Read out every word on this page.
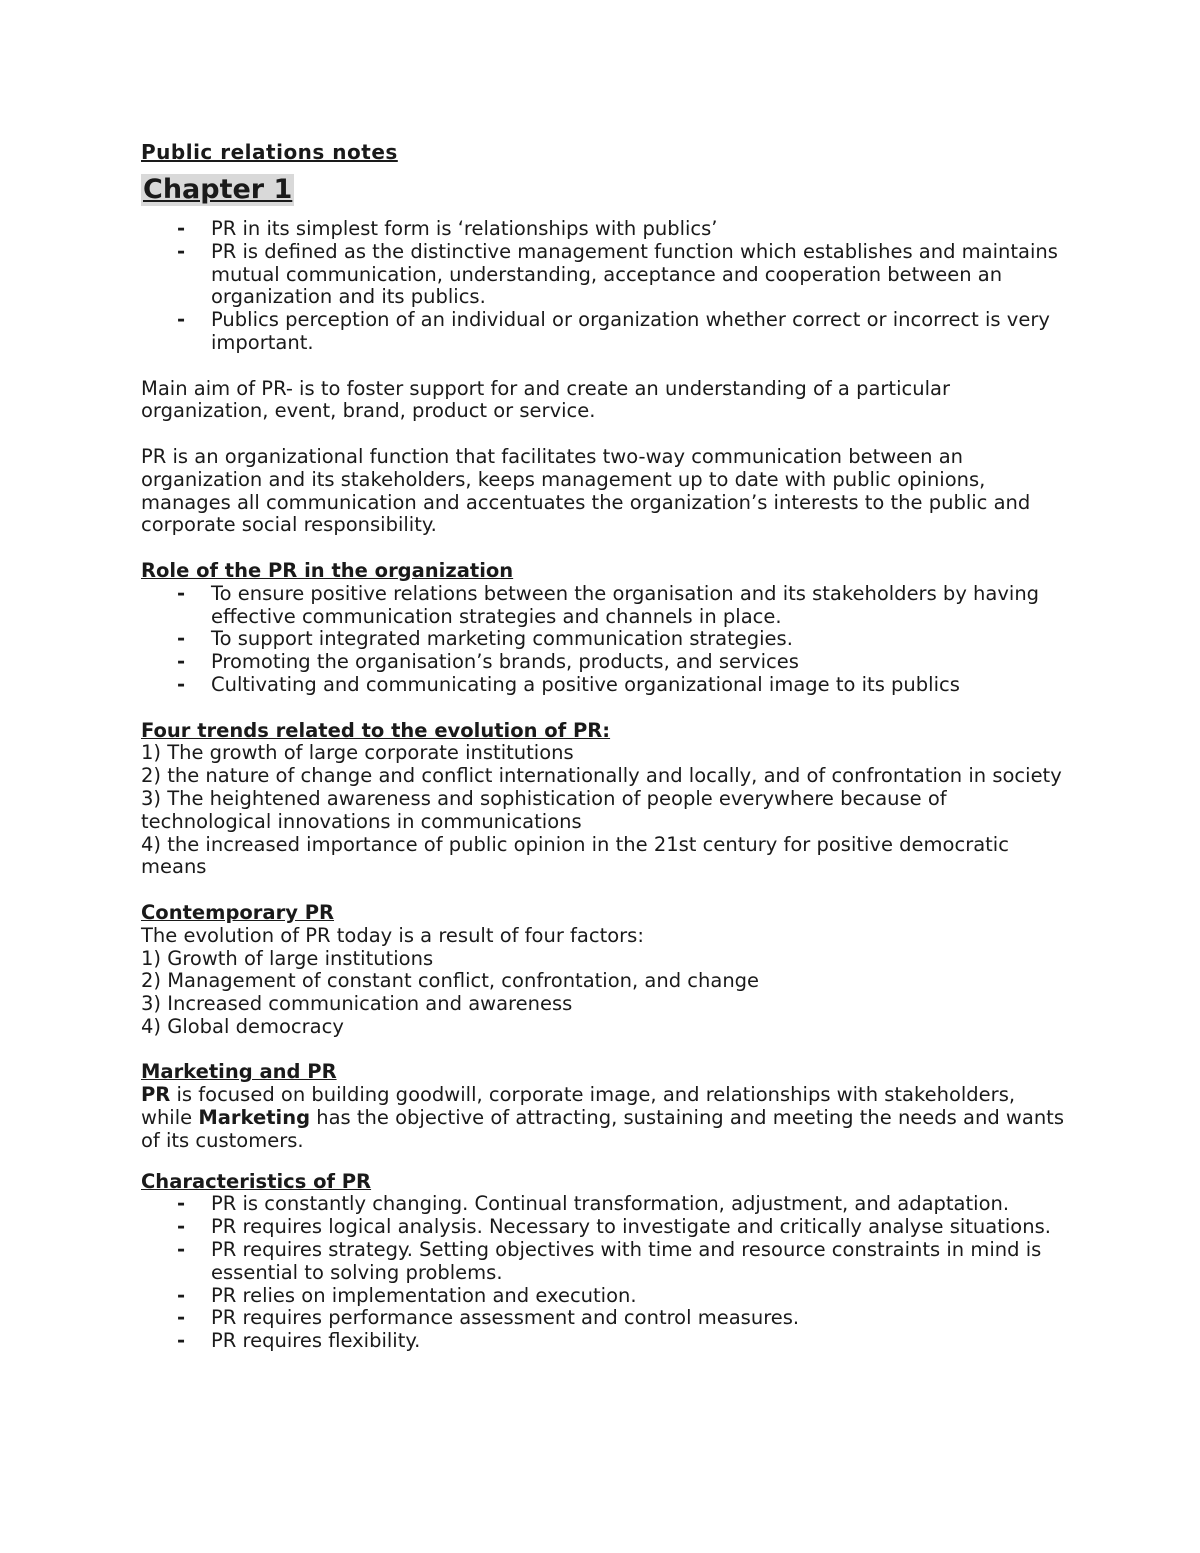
Public relations notes

Chapter 1
- PR in its simplest form is ‘relationships with publics’
- PR is defined as the distinctive management function which establishes and maintains mutual communication, understanding, acceptance and cooperation between an organization and its publics.
- Publics perception of an individual or organization whether correct or incorrect is very important.

Main aim of PR- is to foster support for and create an understanding of a particular organization, event, brand, product or service.

PR is an organizational function that facilitates two-way communication between an organization and its stakeholders, keeps management up to date with public opinions, manages all communication and accentuates the organization’s interests to the public and corporate social responsibility.

Role of the PR in the organization

- To ensure positive relations between the organisation and its stakeholders by having effective communication strategies and channels in place.
- To support integrated marketing communication strategies.
- Promoting the organisation’s brands, products, and services
- Cultivating and communicating a positive organizational image to its publics

Four trends related to the evolution of PR:

1) The growth of large corporate institutions

2) the nature of change and conflict internationally and locally, and of confrontation in society

3) The heightened awareness and sophistication of people everywhere because of technological innovations in communications

4) the increased importance of public opinion in the 21st century for positive democratic means

Contemporary PR

The evolution of PR today is a result of four factors:

1) Growth of large institutions

2) Management of constant conflict, confrontation, and change

3) Increased communication and awareness

4) Global democracy

Marketing and PR

PR is focused on building goodwill, corporate image, and relationships with stakeholders, while Marketing has the objective of attracting, sustaining and meeting the needs and wants of its customers.

Characteristics of PR

- PR is constantly changing. Continual transformation, adjustment, and adaptation.
- PR requires logical analysis. Necessary to investigate and critically analyse situations.
- PR requires strategy. Setting objectives with time and resource constraints in mind is essential to solving problems.
- PR relies on implementation and execution.
- PR requires performance assessment and control measures.
- PR requires flexibility.
